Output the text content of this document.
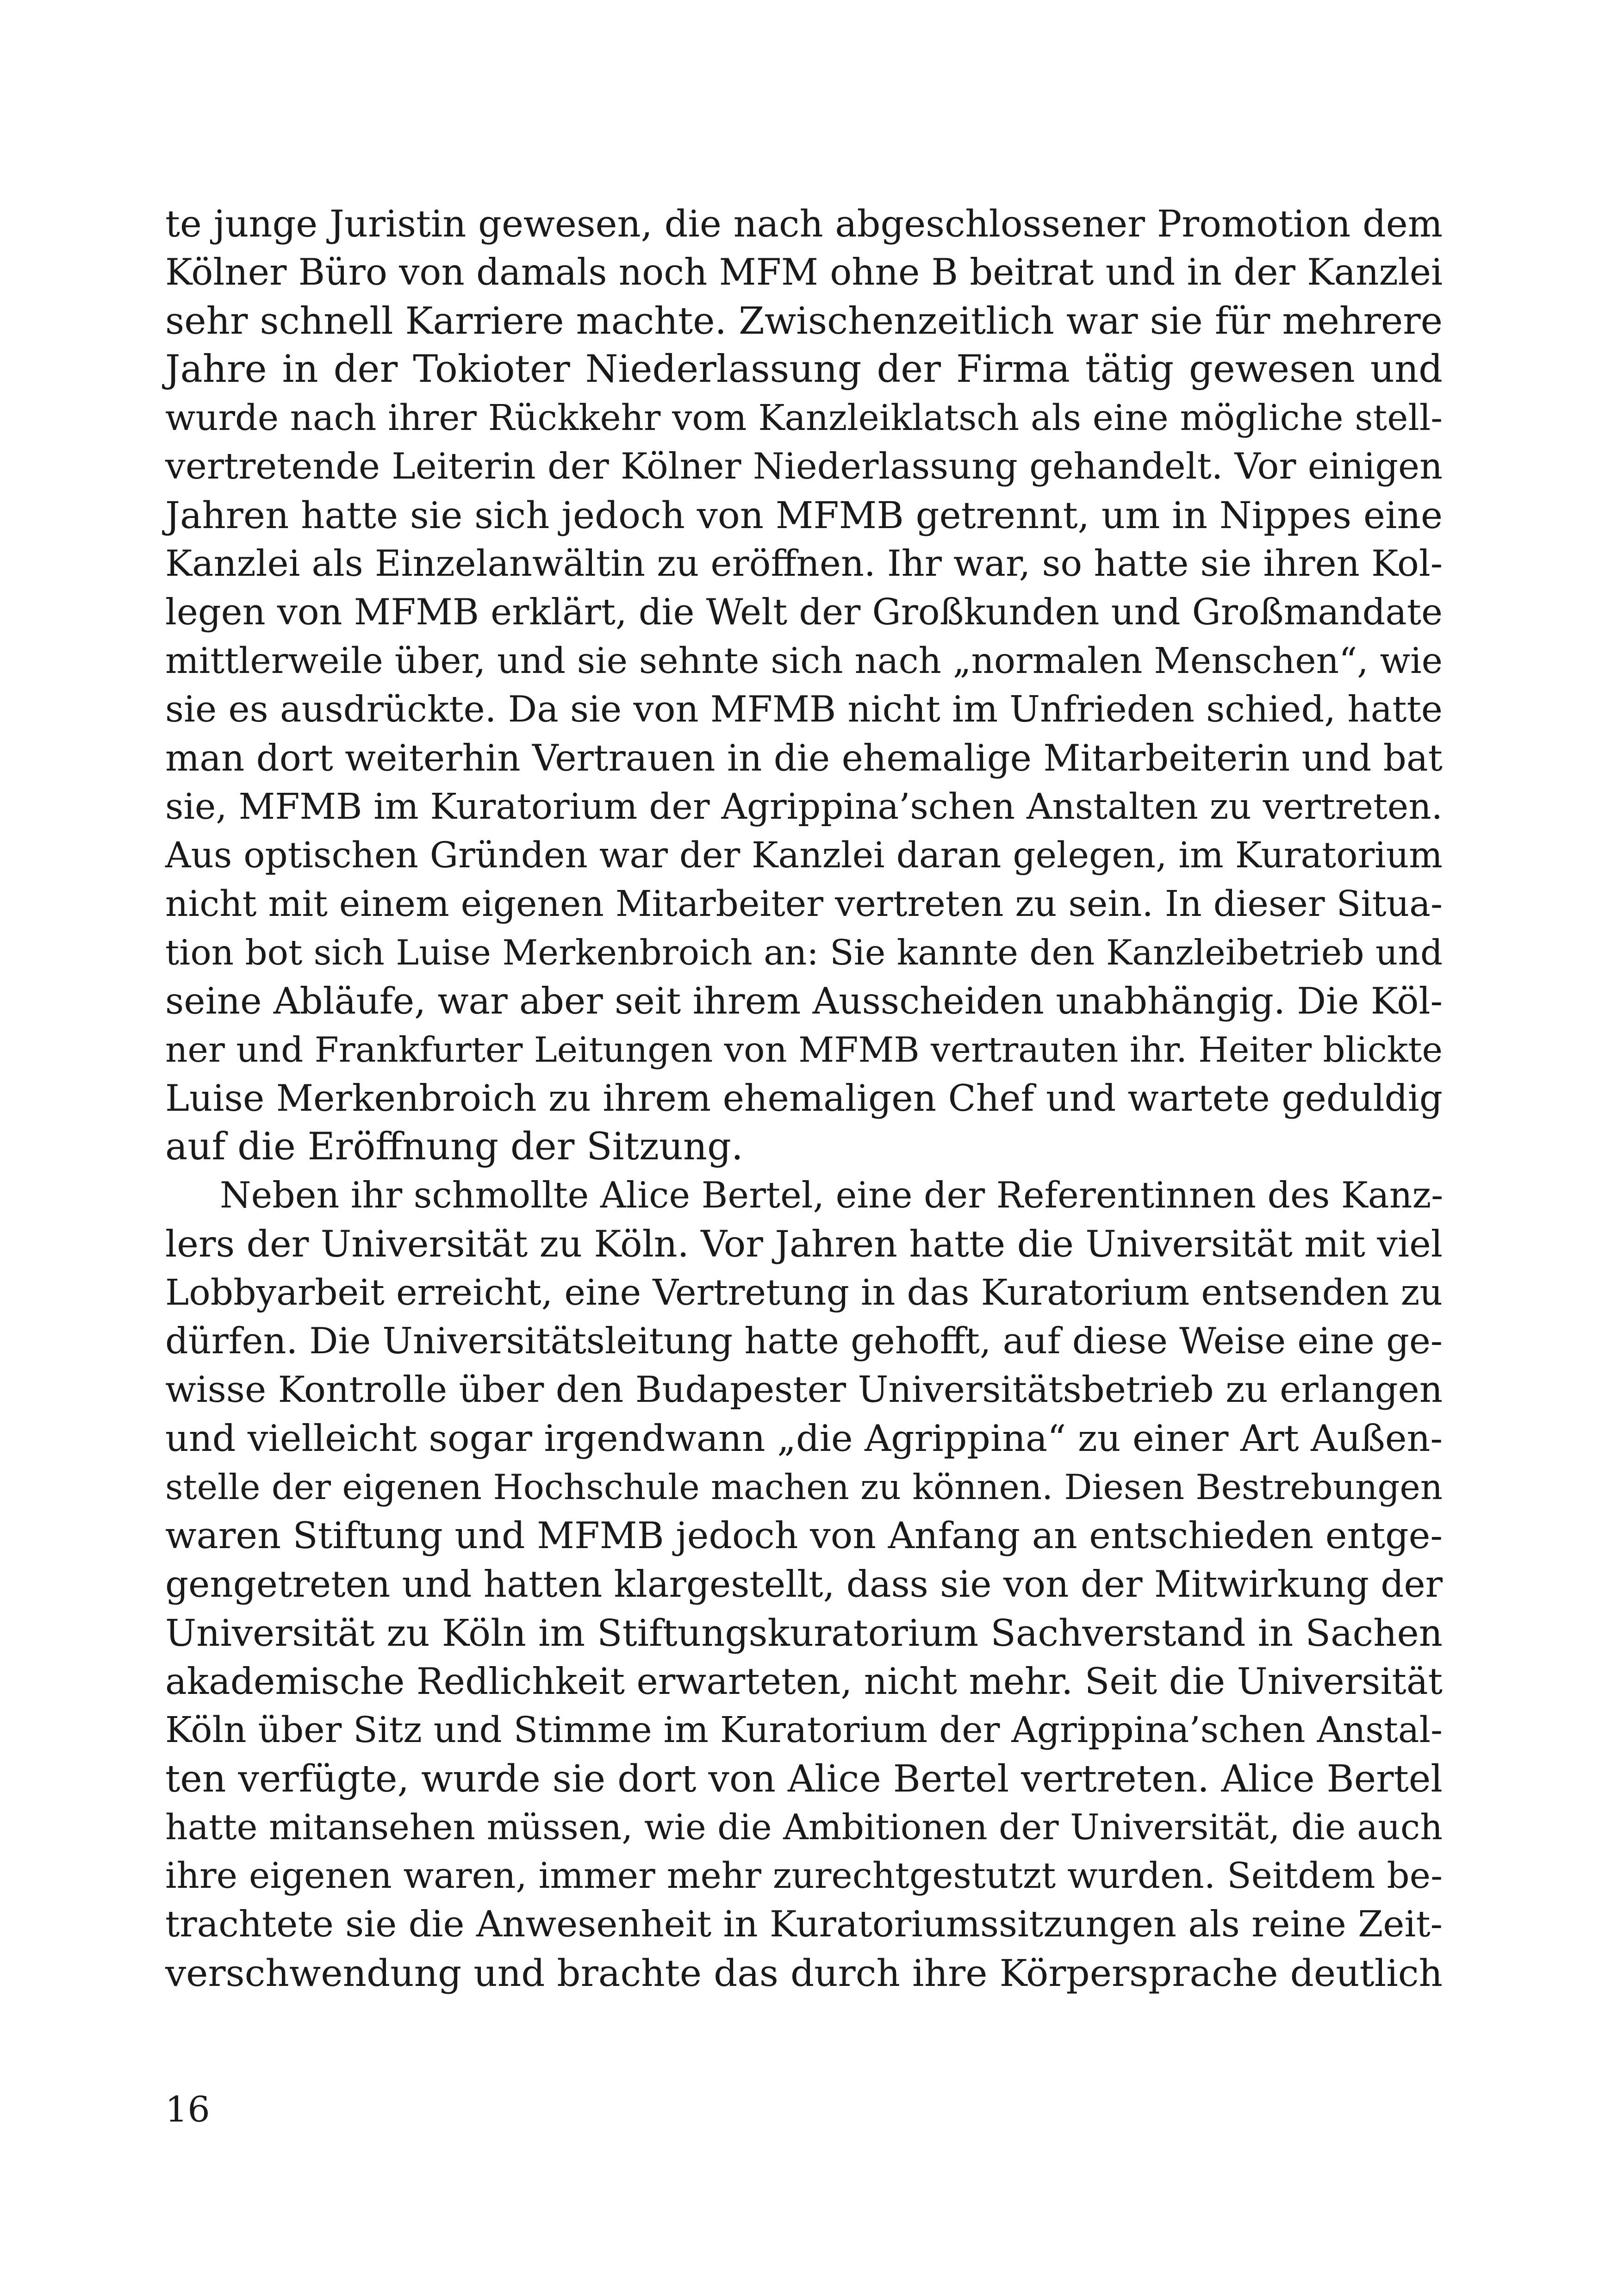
te junge Juristin gewesen, die nach abgeschlossener Promotion dem
Kölner Büro von damals noch MFM ohne B beitrat und in der Kanzlei
sehr schnell Karriere machte. Zwischenzeitlich war sie für mehrere
Jahre in der Tokioter Niederlassung der Firma tätig gewesen und
wurde nach ihrer Rückkehr vom Kanzleiklatsch als eine mögliche stell-
vertretende Leiterin der Kölner Niederlassung gehandelt. Vor einigen
Jahren hatte sie sich jedoch von MFMB getrennt, um in Nippes eine
Kanzlei als Einzelanwältin zu eröffnen. Ihr war, so hatte sie ihren Kol-
legen von MFMB erklärt, die Welt der Großkunden und Großmandate
mittlerweile über, und sie sehnte sich nach „normalen Menschen“, wie
sie es ausdrückte. Da sie von MFMB nicht im Unfrieden schied, hatte
man dort weiterhin Vertrauen in die ehemalige Mitarbeiterin und bat
sie, MFMB im Kuratorium der Agrippina’schen Anstalten zu vertreten.
Aus optischen Gründen war der Kanzlei daran gelegen, im Kuratorium
nicht mit einem eigenen Mitarbeiter vertreten zu sein. In dieser Situa-
tion bot sich Luise Merkenbroich an: Sie kannte den Kanzleibetrieb und
seine Abläufe, war aber seit ihrem Ausscheiden unabhängig. Die Köl-
ner und Frankfurter Leitungen von MFMB vertrauten ihr. Heiter blickte
Luise Merkenbroich zu ihrem ehemaligen Chef und wartete geduldig
auf die Eröffnung der Sitzung.
Neben ihr schmollte Alice Bertel, eine der Referentinnen des Kanz-
lers der Universität zu Köln. Vor Jahren hatte die Universität mit viel
Lobbyarbeit erreicht, eine Vertretung in das Kuratorium entsenden zu
dürfen. Die Universitätsleitung hatte gehofft, auf diese Weise eine ge-
wisse Kontrolle über den Budapester Universitätsbetrieb zu erlangen
und vielleicht sogar irgendwann „die Agrippina“ zu einer Art Außen-
stelle der eigenen Hochschule machen zu können. Diesen Bestrebungen
waren Stiftung und MFMB jedoch von Anfang an entschieden entge-
gengetreten und hatten klargestellt, dass sie von der Mitwirkung der
Universität zu Köln im Stiftungskuratorium Sachverstand in Sachen
akademische Redlichkeit erwarteten, nicht mehr. Seit die Universität
Köln über Sitz und Stimme im Kuratorium der Agrippina’schen Anstal-
ten verfügte, wurde sie dort von Alice Bertel vertreten. Alice Bertel
hatte mitansehen müssen, wie die Ambitionen der Universität, die auch
ihre eigenen waren, immer mehr zurechtgestutzt wurden. Seitdem be-
trachtete sie die Anwesenheit in Kuratoriumssitzungen als reine Zeit-
verschwendung und brachte das durch ihre Körpersprache deutlich
16
